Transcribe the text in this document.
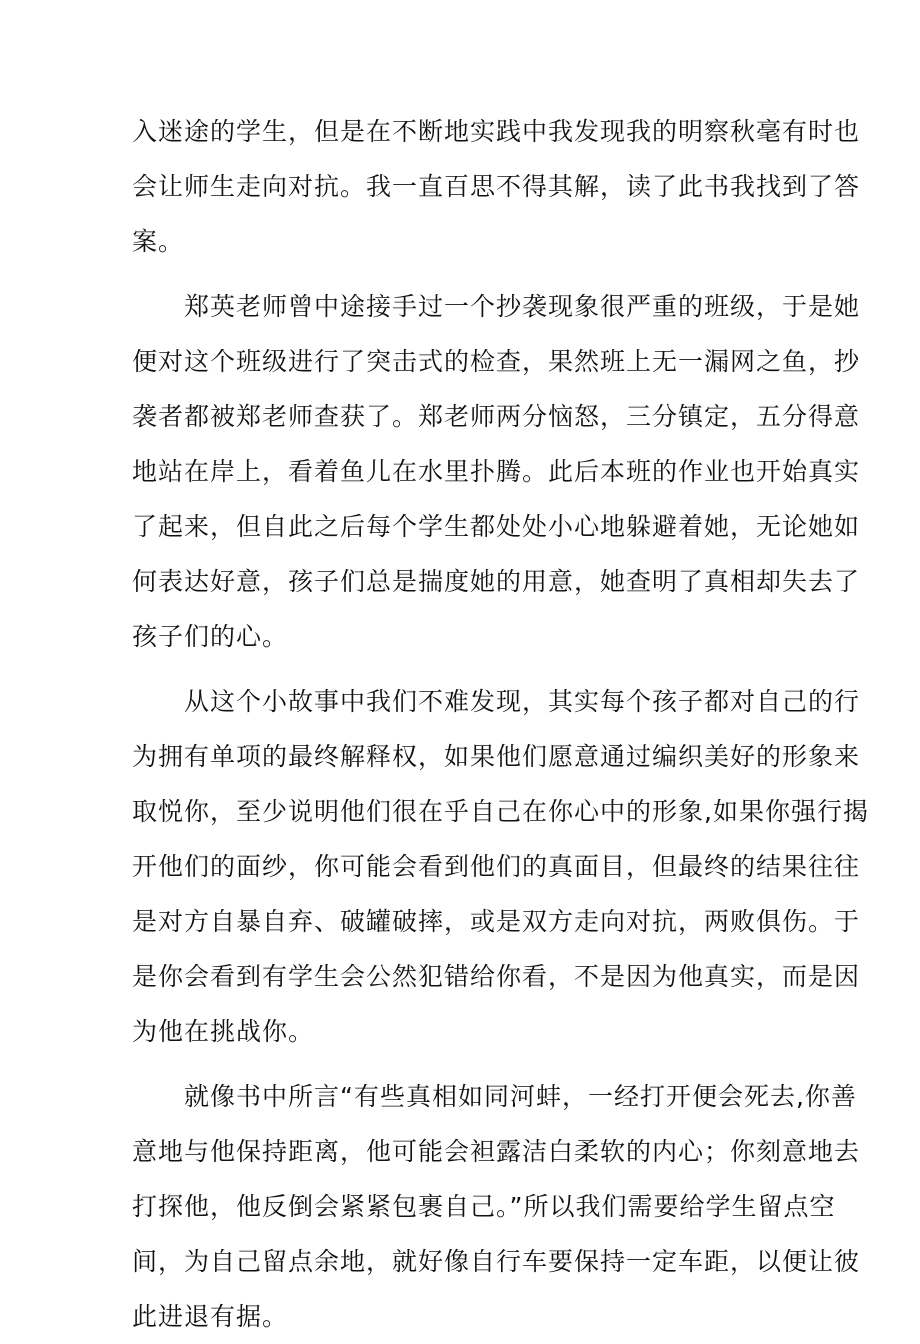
入迷途的学生，但是在不断地实践中我发现我的明察秋毫有时也
会让师生走向对抗。我一直百思不得其解，读了此书我找到了答
案。
郑英老师曾中途接手过一个抄袭现象很严重的班级，于是她
便对这个班级进行了突击式的检查，果然班上无一漏网之鱼，抄
袭者都被郑老师查获了。郑老师两分恼怒，三分镇定，五分得意
地站在岸上，看着鱼儿在水里扑腾。此后本班的作业也开始真实
了起来，但自此之后每个学生都处处小心地躲避着她，无论她如
何表达好意，孩子们总是揣度她的用意，她查明了真相却失去了
孩子们的心。
从这个小故事中我们不难发现，其实每个孩子都对自己的行
为拥有单项的最终解释权，如果他们愿意通过编织美好的形象来
取悦你，至少说明他们很在乎自己在你心中的形象,如果你强行揭
开他们的面纱，你可能会看到他们的真面目，但最终的结果往往
是对方自暴自弃、破罐破摔，或是双方走向对抗，两败俱伤。于
是你会看到有学生会公然犯错给你看，不是因为他真实，而是因
为他在挑战你。
就像书中所言“有些真相如同河蚌，一经打开便会死去,你善
意地与他保持距离，他可能会袒露洁白柔软的内心；你刻意地去
打探他，他反倒会紧紧包裹自己。”所以我们需要给学生留点空
间，为自己留点余地，就好像自行车要保持一定车距，以便让彼
此进退有据。
